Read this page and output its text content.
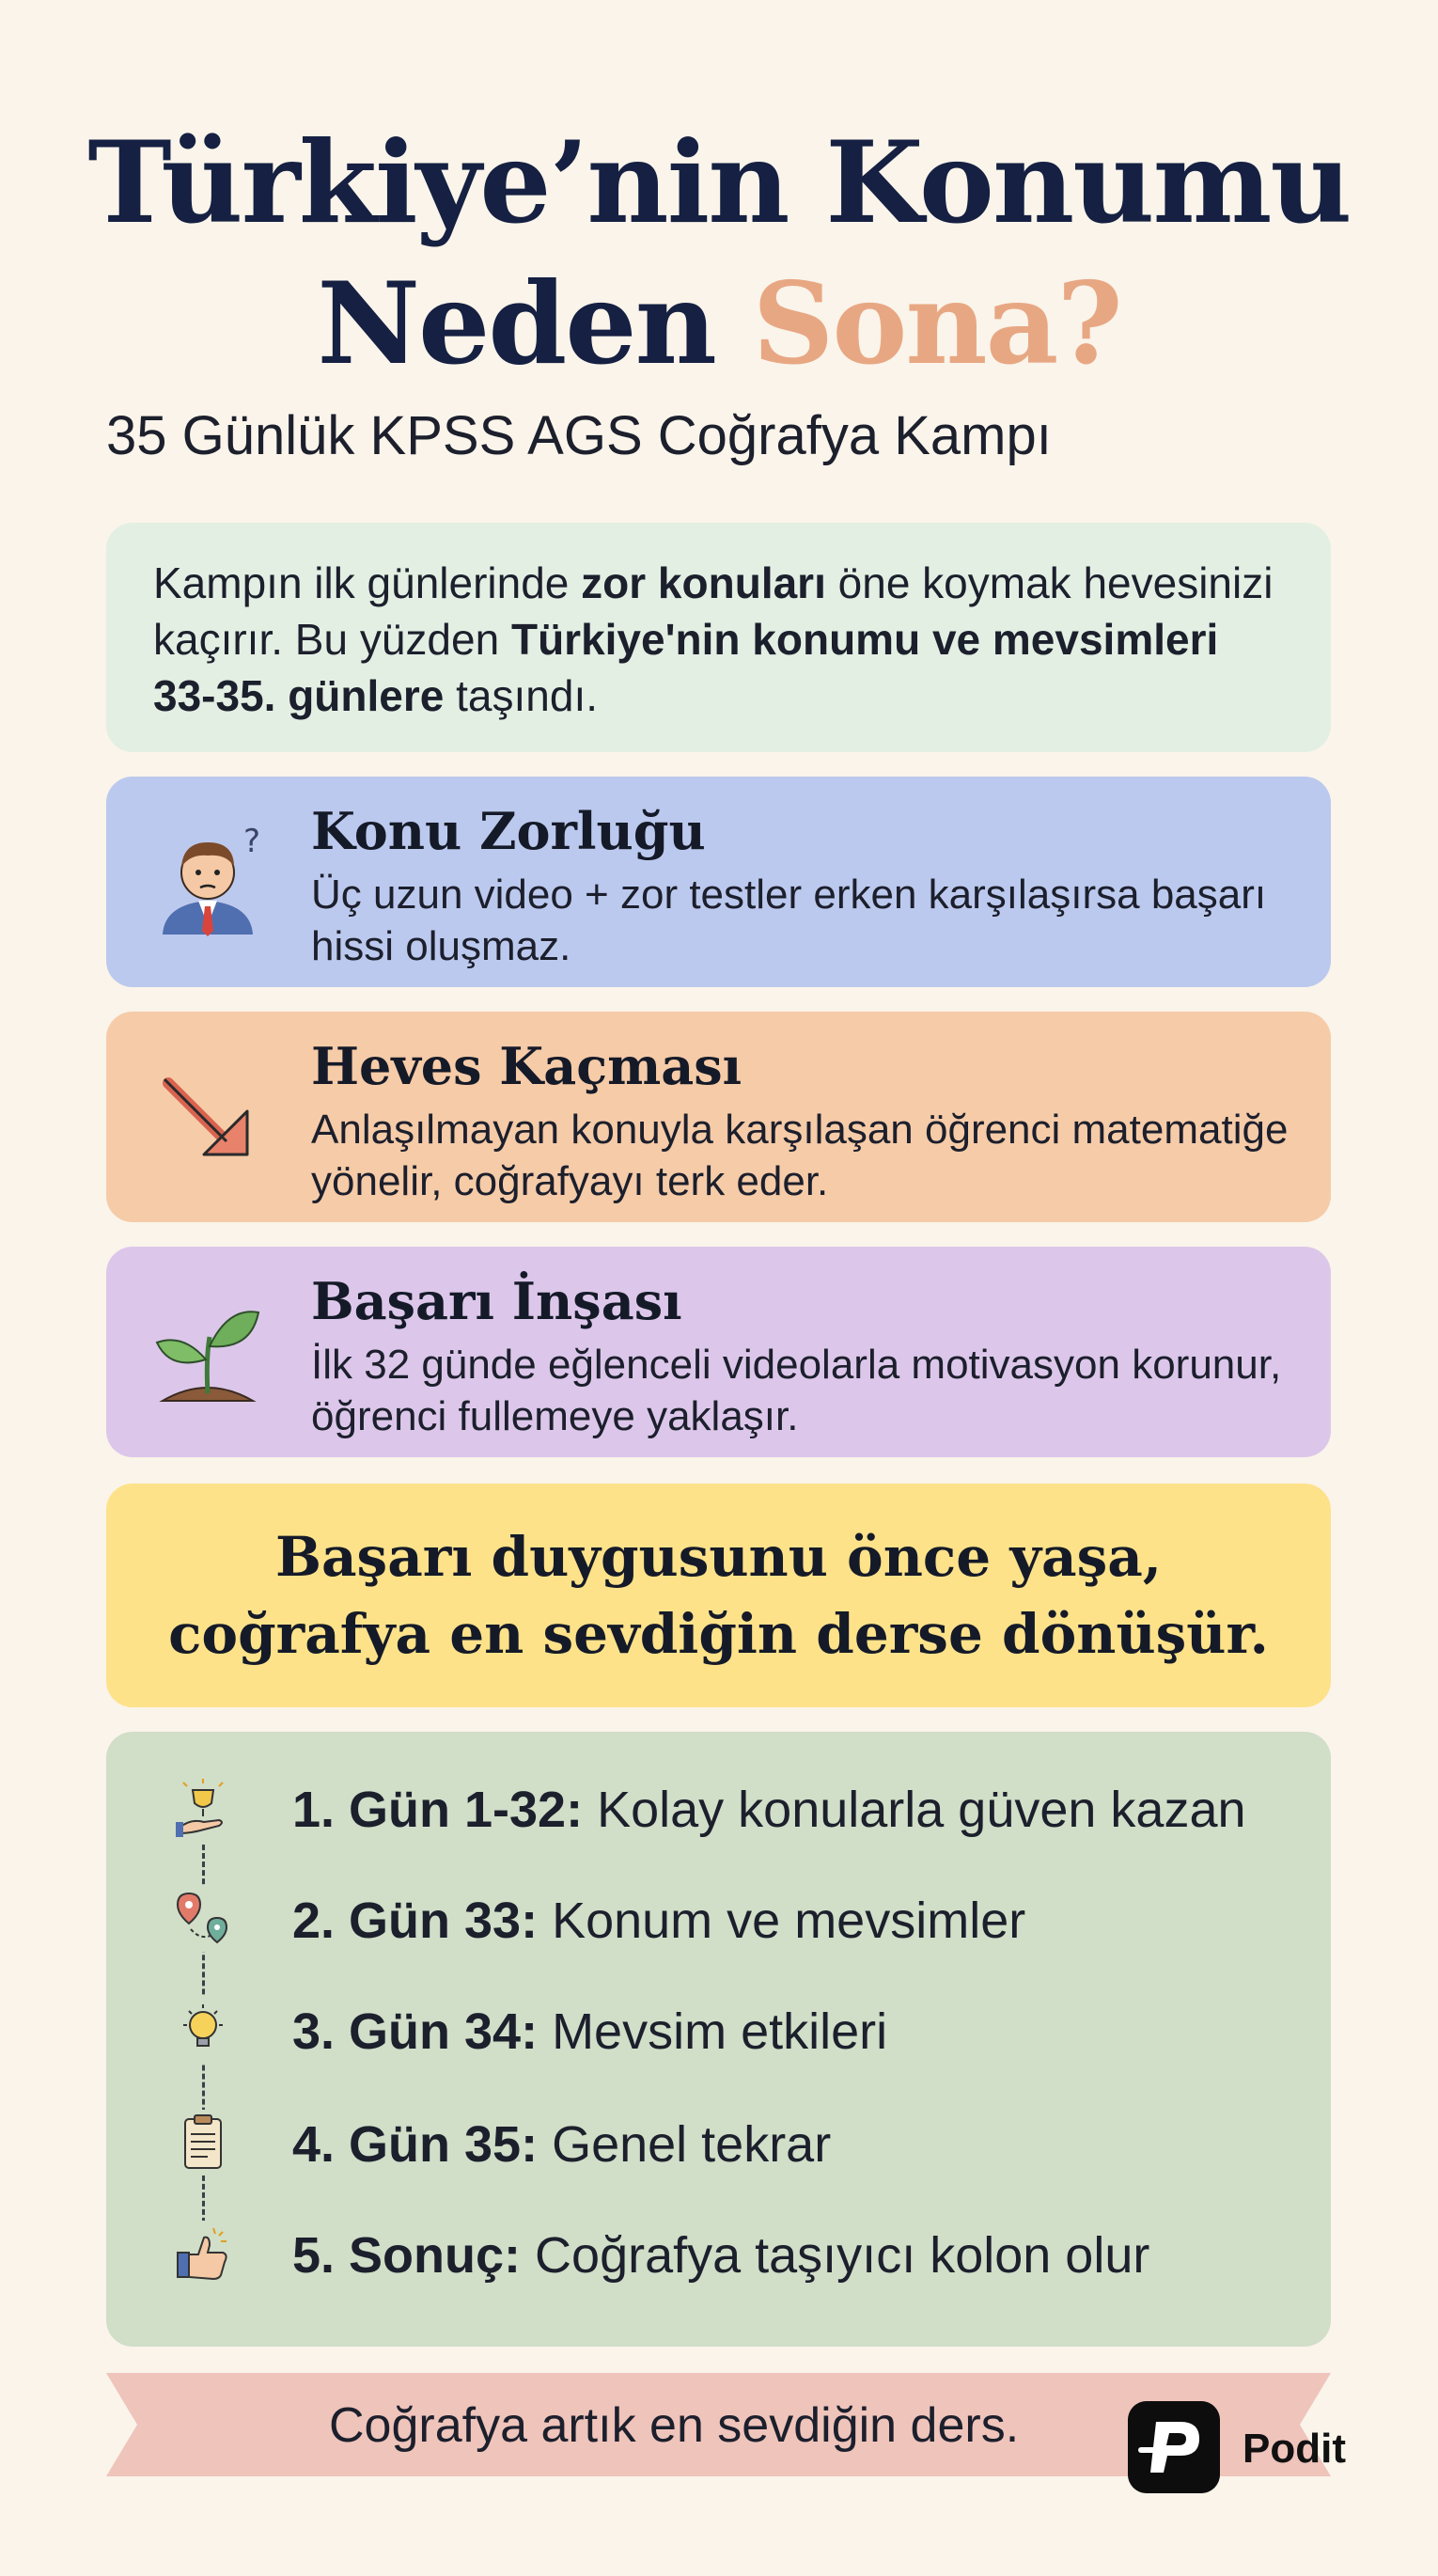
Türkiye’nin Konumu
Neden Sona?
35 Günlük KPSS AGS Coğrafya Kampı
Kampın ilk günlerinde zor konuları öne koymak hevesinizi kaçırır. Bu yüzden Türkiye'nin konumu ve mevsimleri 33-35. günlere taşındı.
? Konu Zorluğu
Üç uzun video + zor testler erken karşılaşırsa başarı hissi oluşmaz.
Heves Kaçması
Anlaşılmayan konuyla karşılaşan öğrenci matematiğe yönelir, coğrafyayı terk eder.
Başarı İnşası
İlk 32 günde eğlenceli videolarla motivasyon korunur, öğrenci fullemeye yaklaşır.
Başarı duygusunu önce yaşa,
coğrafya en sevdiğin derse dönüşür.
1. Gün 1-32: Kolay konularla güven kazan
2. Gün 33: Konum ve mevsimler
3. Gün 34: Mevsim etkileri
4. Gün 35: Genel tekrar
5. Sonuç: Coğrafya taşıyıcı kolon olur
Coğrafya artık en sevdiğin ders.	Podit
